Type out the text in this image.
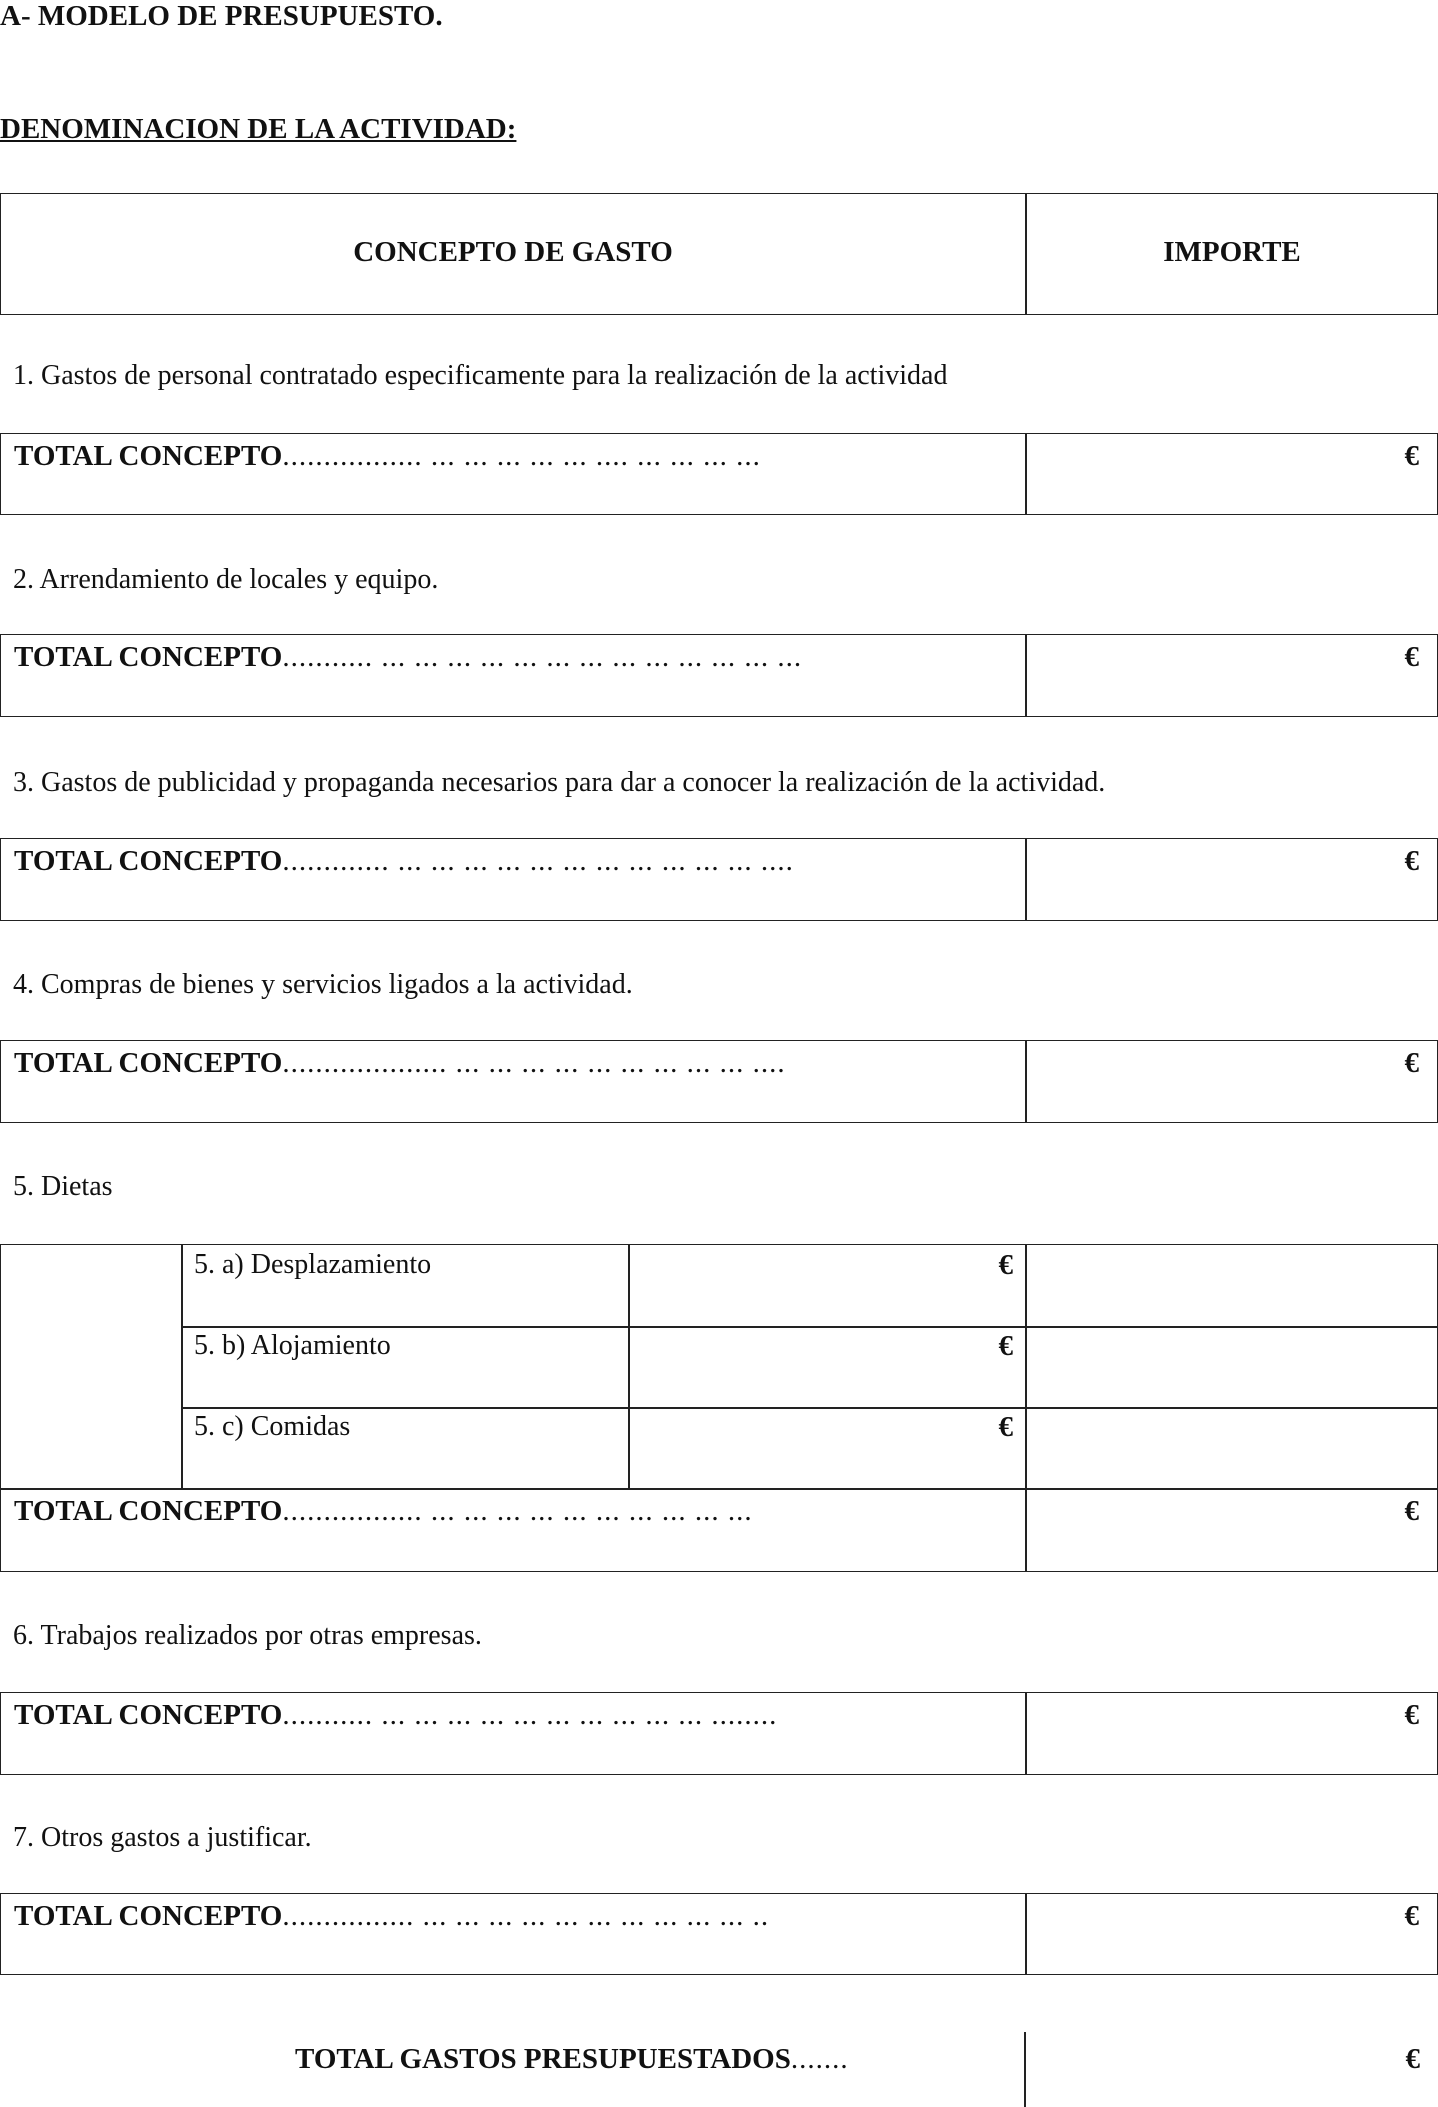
A- MODELO DE PRESUPUESTO.
DENOMINACION DE LA ACTIVIDAD:
CONCEPTO DE GASTO	IMPORTE
1. Gastos de personal contratado especificamente para la realización de la actividad
TOTAL CONCEPTO................. ... ... ... ... ... .... ... ... ... ...	€
2. Arrendamiento de locales y equipo.
TOTAL CONCEPTO........... ... ... ... ... ... ... ... ... ... ... ... ... ...	€
3. Gastos de publicidad y propaganda necesarios para dar a conocer la realización de la actividad.
TOTAL CONCEPTO............. ... ... ... ... ... ... ... ... ... ... ... ....	€
4. Compras de bienes y servicios ligados a la actividad.
TOTAL CONCEPTO.................... ... ... ... ... ... ... ... ... ... ....	€
5. Dietas
5. a) Desplazamiento	€
5. b) Alojamiento	€
5. c) Comidas	€
TOTAL CONCEPTO................. ... ... ... ... ... ... ... ... ... ...	€
6. Trabajos realizados por otras empresas.
TOTAL CONCEPTO........... ... ... ... ... ... ... ... ... ... ... ........	€
7. Otros gastos a justificar.
TOTAL CONCEPTO................ ... ... ... ... ... ... ... ... ... ... ..	€
TOTAL GASTOS PRESUPUESTADOS.......	€
